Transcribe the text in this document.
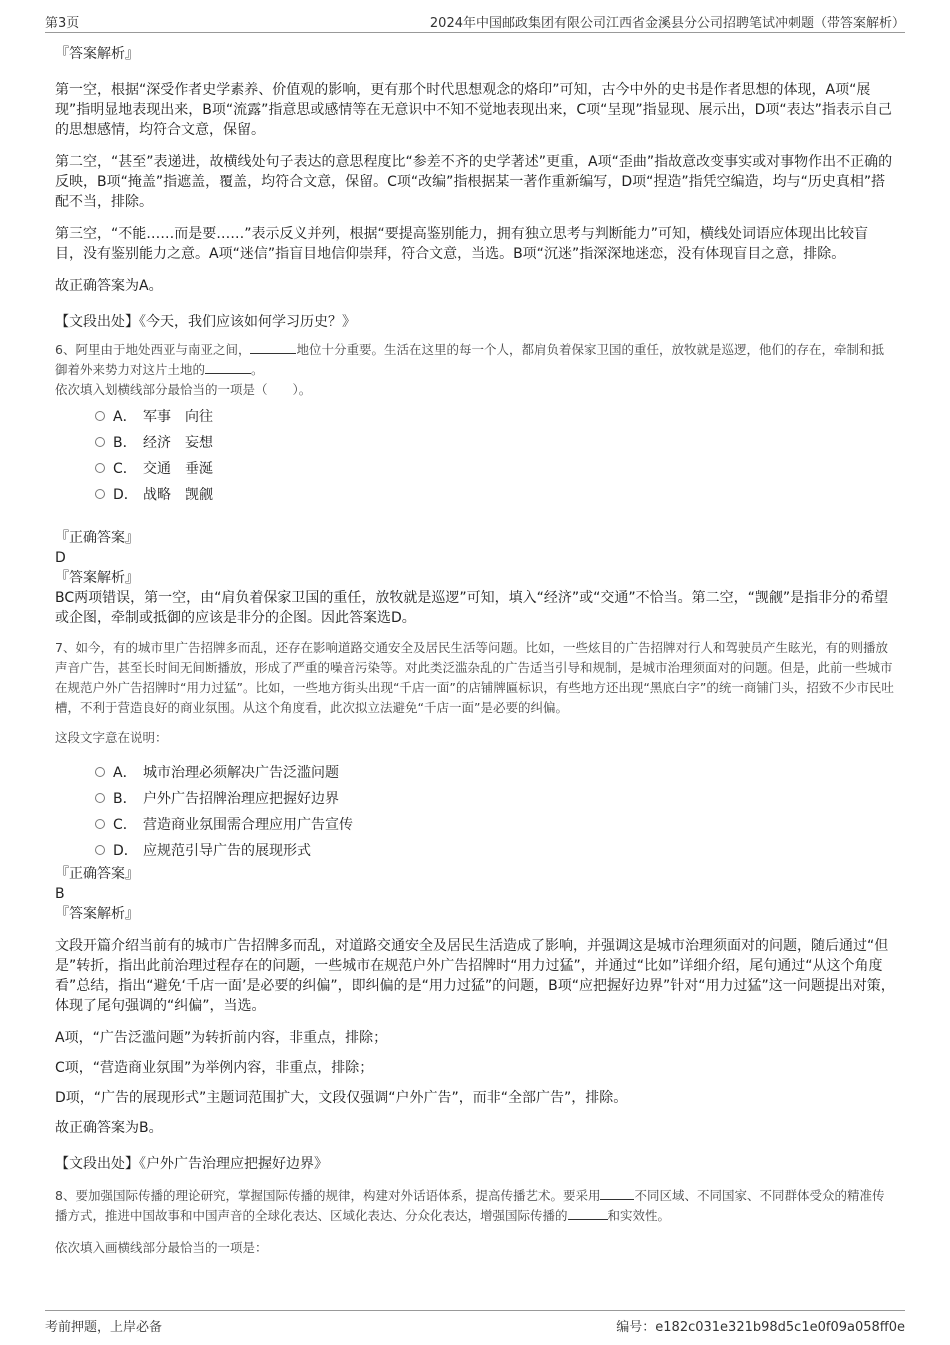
第3页	2024年中国邮政集团有限公司江西省金溪县分公司招聘笔试冲刺题（带答案解析）

『答案解析』

第一空，根据“深受作者史学素养、价值观的影响，更有那个时代思想观念的烙印”可知，古今中外的史书是作者思想的体现，A项“展现”指明显地表现出来，B项“流露”指意思或感情等在无意识中不知不觉地表现出来，C项“呈现”指显现、展示出，D项“表达”指表示自己的思想感情，均符合文意，保留。

第二空，“甚至”表递进，故横线处句子表达的意思程度比“参差不齐的史学著述”更重，A项“歪曲”指故意改变事实或对事物作出不正确的反映，B项“掩盖”指遮盖，覆盖，均符合文意，保留。C项“改编”指根据某一著作重新编写，D项“捏造”指凭空编造，均与“历史真相”搭配不当，排除。

第三空，“不能……而是要……”表示反义并列，根据“要提高鉴别能力，拥有独立思考与判断能力”可知，横线处词语应体现出比较盲目，没有鉴别能力之意。A项“迷信”指盲目地信仰崇拜，符合文意，当选。B项“沉迷”指深深地迷恋，没有体现盲目之意，排除。

故正确答案为A。

【文段出处】《今天，我们应该如何学习历史？》

6、阿里由于地处西亚与南亚之间，	地位十分重要。生活在这里的每一个人，都肩负着保家卫国的重任，放牧就是巡逻，他们的存在，牵制和抵御着外来势力对这片土地的	。

依次填入划横线部分最恰当的一项是（　　）。

A． 军事　向往
B． 经济　妄想
C． 交通　垂涎
D． 战略　觊觎

『正确答案』

D

『答案解析』

BC两项错误，第一空，由“肩负着保家卫国的重任，放牧就是巡逻”可知，填入“经济”或“交通”不恰当。第二空，“觊觎”是指非分的希望或企图，牵制或抵御的应该是非分的企图。因此答案选D。

7、如今，有的城市里广告招牌多而乱，还存在影响道路交通安全及居民生活等问题。比如，一些炫目的广告招牌对行人和驾驶员产生眩光，有的则播放声音广告，甚至长时间无间断播放，形成了严重的噪音污染等。对此类泛滥杂乱的广告适当引导和规制，是城市治理须面对的问题。但是，此前一些城市在规范户外广告招牌时“用力过猛”。比如，一些地方街头出现“千店一面”的店铺牌匾标识，有些地方还出现“黑底白字”的统一商铺门头，招致不少市民吐槽，不利于营造良好的商业氛围。从这个角度看，此次拟立法避免“千店一面”是必要的纠偏。

这段文字意在说明：

A． 城市治理必须解决广告泛滥问题
B． 户外广告招牌治理应把握好边界
C． 营造商业氛围需合理应用广告宣传
D． 应规范引导广告的展现形式

『正确答案』

B

『答案解析』

文段开篇介绍当前有的城市广告招牌多而乱，对道路交通安全及居民生活造成了影响，并强调这是城市治理须面对的问题，随后通过“但是”转折，指出此前治理过程存在的问题，一些城市在规范户外广告招牌时“用力过猛”，并通过“比如”详细介绍，尾句通过“从这个角度看”总结，指出“避免‘千店一面’是必要的纠偏”，即纠偏的是“用力过猛”的问题，B项“应把握好边界”针对“用力过猛”这一问题提出对策，体现了尾句强调的“纠偏”，当选。

A项，“广告泛滥问题”为转折前内容，非重点，排除；

C项，“营造商业氛围”为举例内容，非重点，排除；

D项，“广告的展现形式”主题词范围扩大，文段仅强调“户外广告”，而非“全部广告”，排除。

故正确答案为B。

【文段出处】《户外广告治理应把握好边界》

8、要加强国际传播的理论研究，掌握国际传播的规律，构建对外话语体系，提高传播艺术。要采用	不同区域、不同国家、不同群体受众的精准传播方式，推进中国故事和中国声音的全球化表达、区域化表达、分众化表达，增强国际传播的	和实效性。

依次填入画横线部分最恰当的一项是：

考前押题，上岸必备	编号：e182c031e321b98d5c1e0f09a058ff0e
